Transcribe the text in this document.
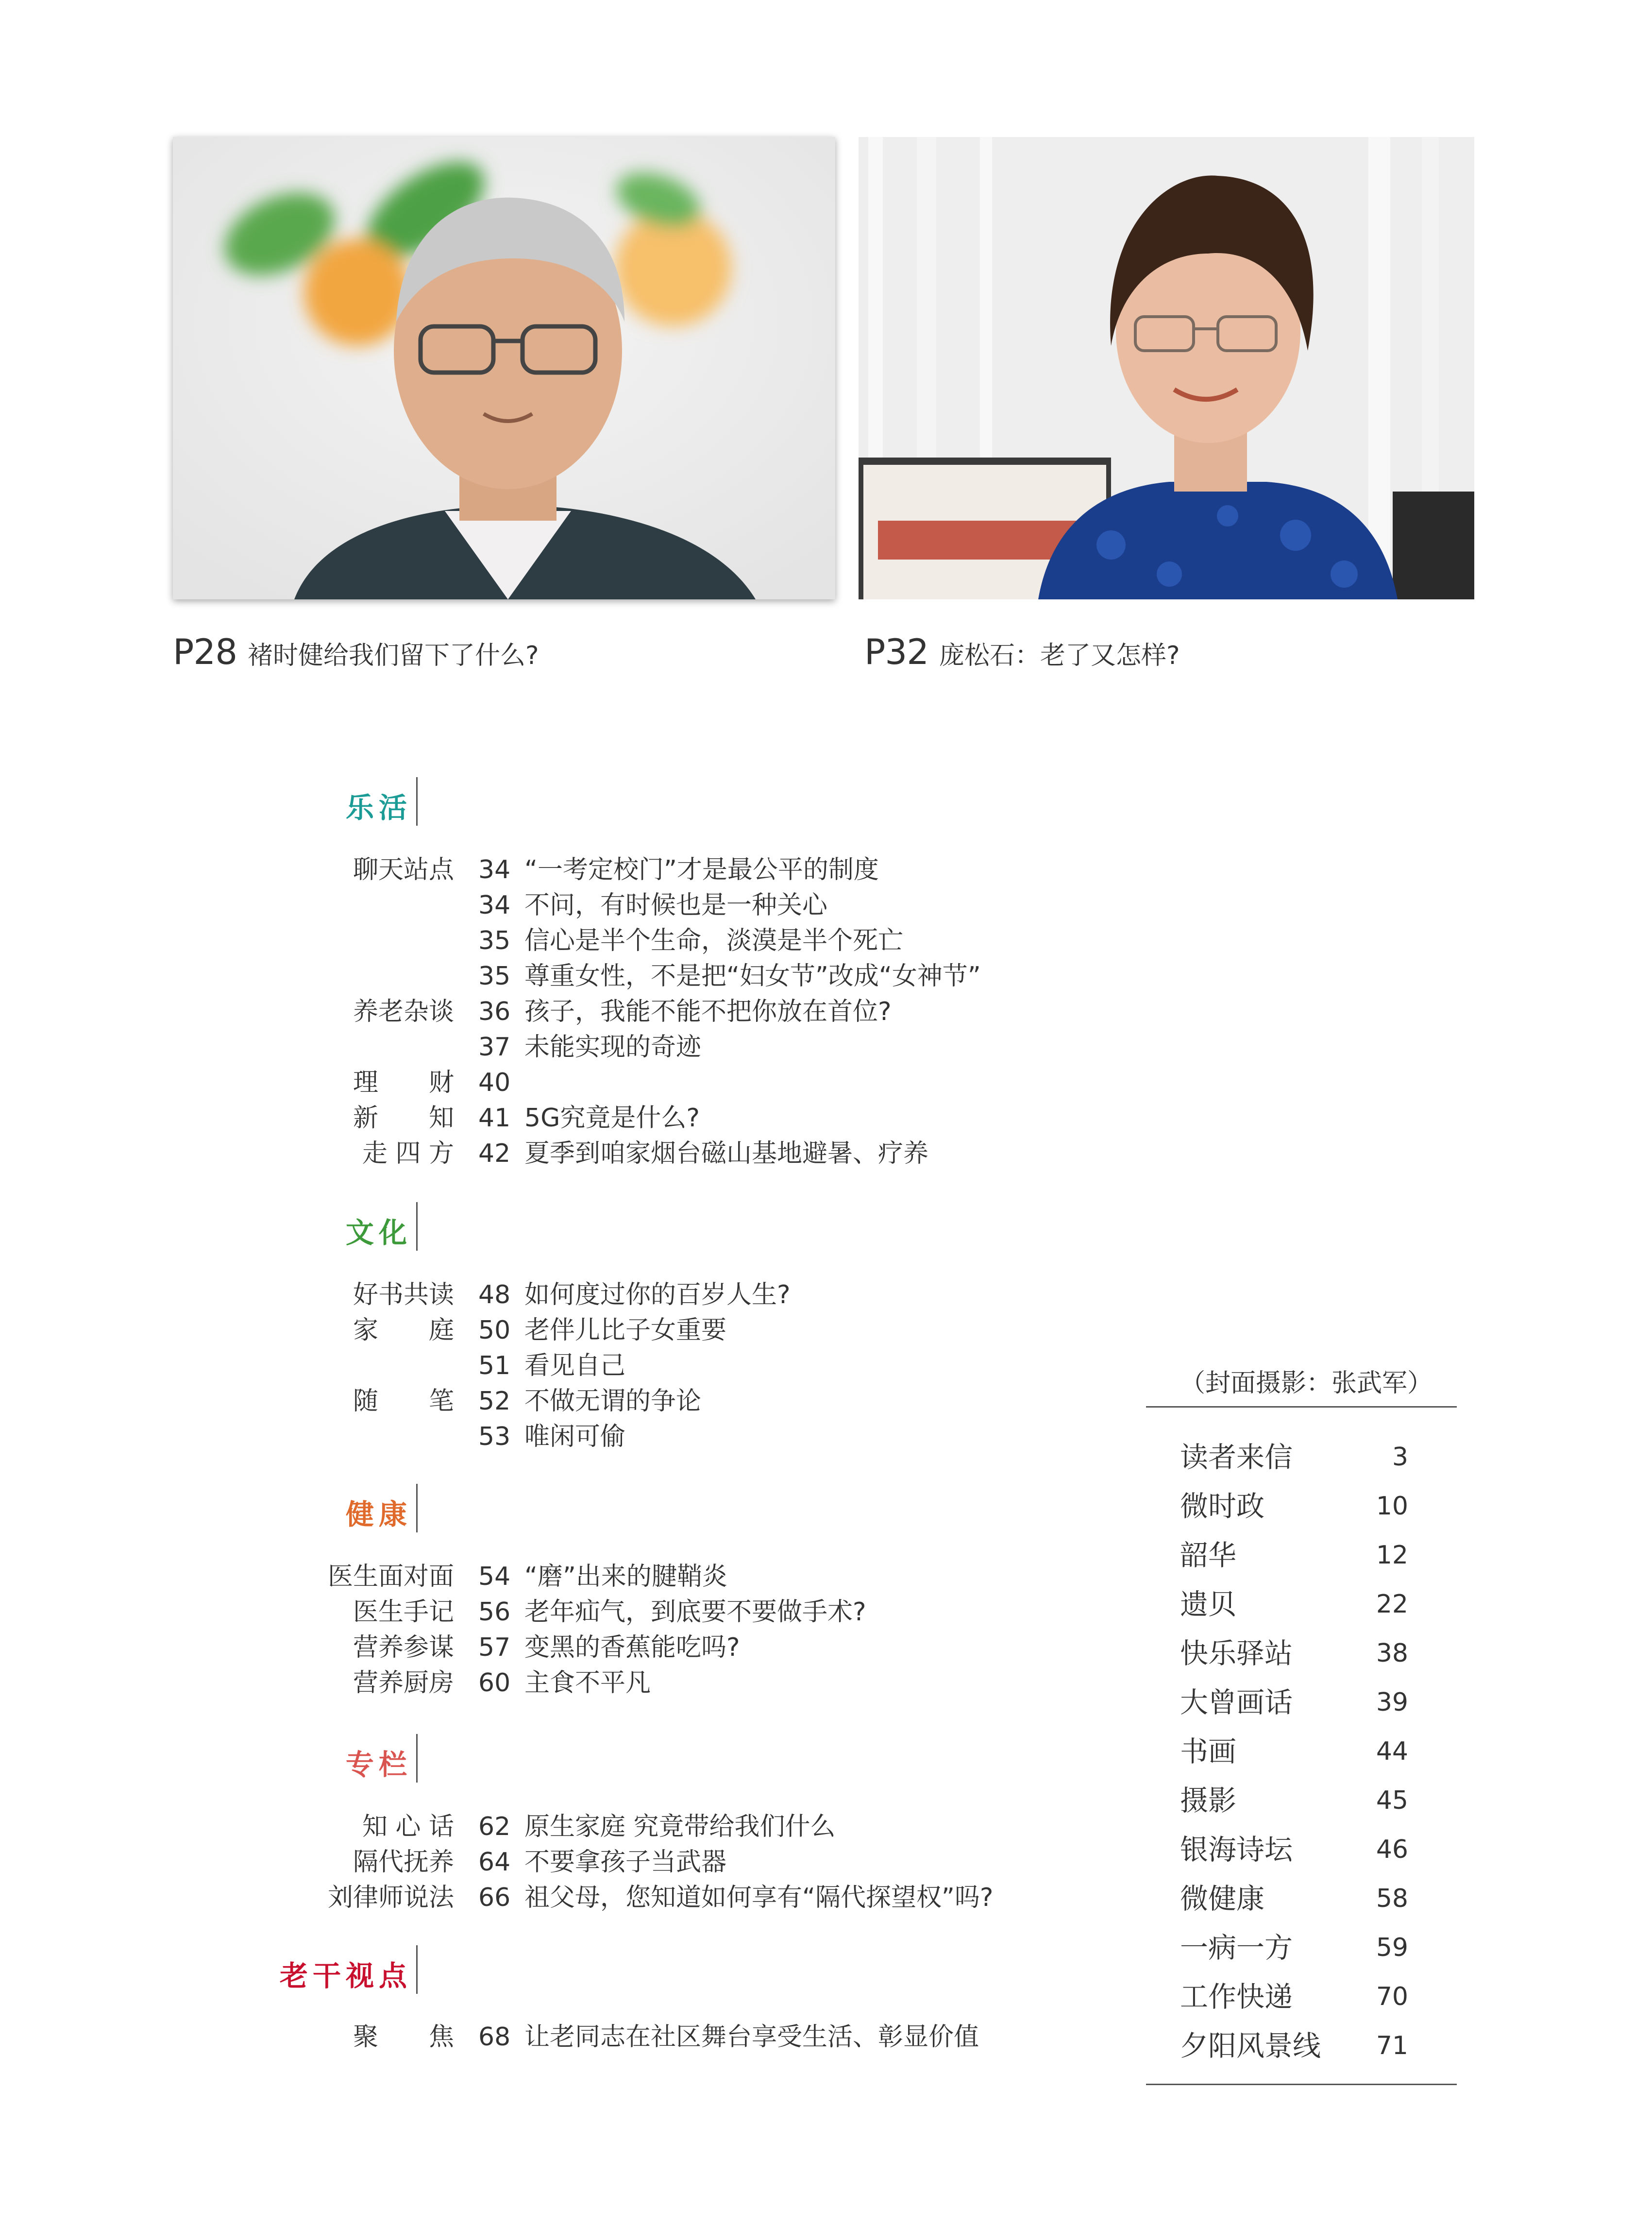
P28 褚时健给我们留下了什么?	P32 庞松石：老了又怎样?
乐活
聊天站点 34 “一考定校门”才是最公平的制度
34 不问，有时候也是一种关心
35 信心是半个生命，淡漠是半个死亡
35 尊重女性，不是把“妇女节”改成“女神节”
养老杂谈 36 孩子，我能不能不把你放在首位?
37 未能实现的奇迹
理　　财 40
新　　知 41 5G究竟是什么?
走 四 方 42 夏季到咱家烟台磁山基地避暑、疗养
文化
好书共读 48 如何度过你的百岁人生?
家　　庭 50 老伴儿比子女重要
51 看见自己
随　　笔 52 不做无谓的争论
53 唯闲可偷
健康
医生面对面 54 “磨”出来的腱鞘炎
医生手记 56 老年疝气，到底要不要做手术?
营养参谋 57 变黑的香蕉能吃吗?
营养厨房 60 主食不平凡
专栏
知 心 话 62 原生家庭 究竟带给我们什么
隔代抚养 64 不要拿孩子当武器
刘律师说法 66 祖父母，您知道如何享有“隔代探望权”吗?
老干视点
聚　　焦 68 让老同志在社区舞台享受生活、彰显价值
（封面摄影：张武军）
读者来信	3
微时政	10
韶华	12
遗贝	22
快乐驿站	38
大曾画话	39
书画	44
摄影	45
银海诗坛	46
微健康	58
一病一方	59
工作快递	70
夕阳风景线 71
